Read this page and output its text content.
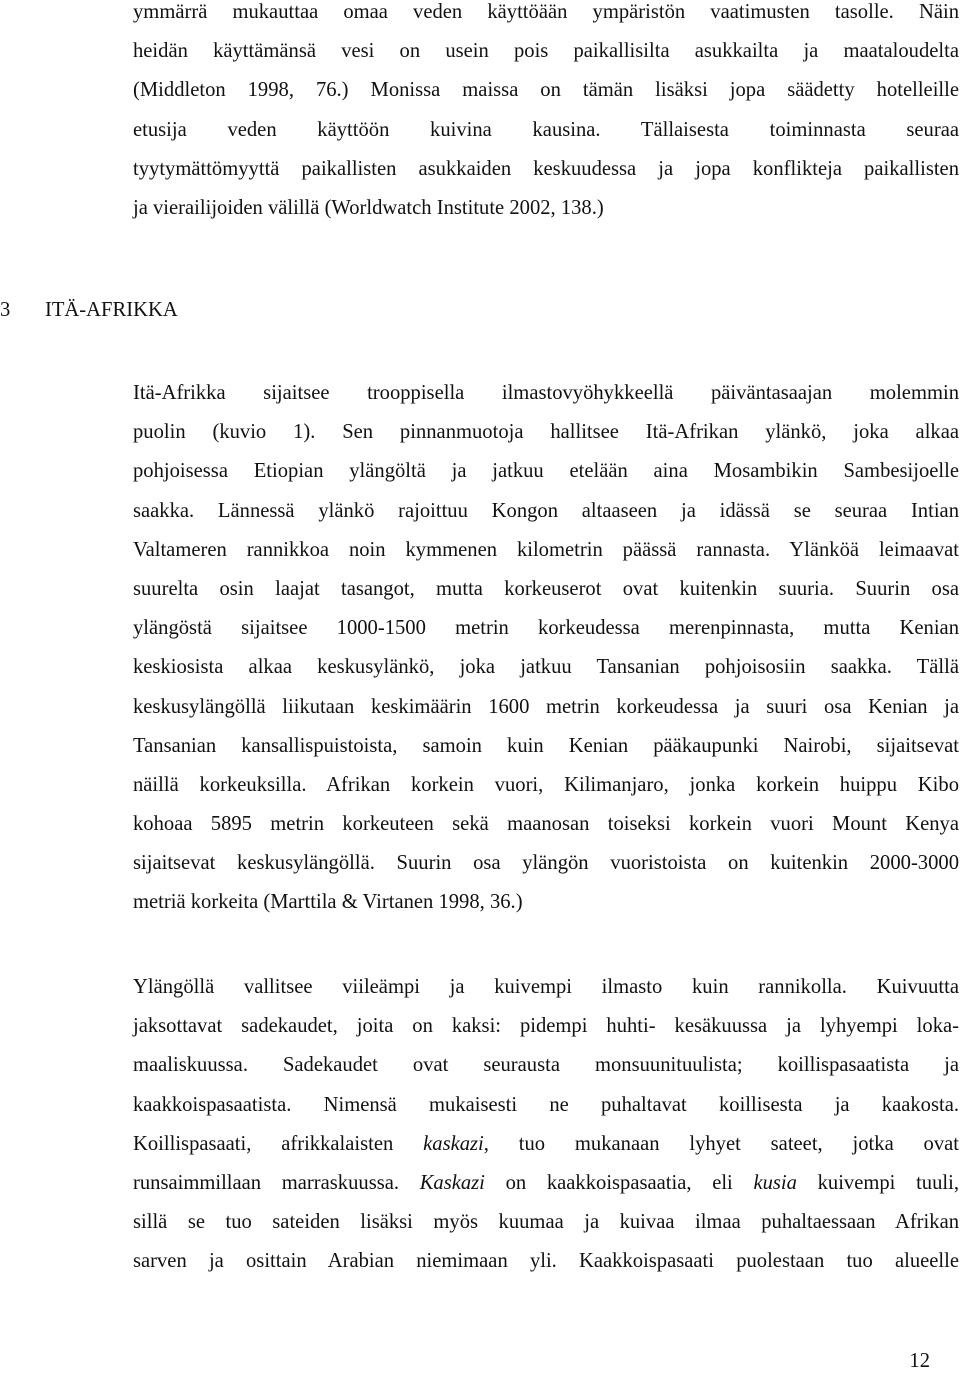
ymmärrä mukauttaa omaa veden käyttöään ympäristön vaatimusten tasolle. Näin
heidän käyttämänsä vesi on usein pois paikallisilta asukkailta ja maataloudelta
(Middleton 1998, 76.) Monissa maissa on tämän lisäksi jopa säädetty hotelleille
etusija veden käyttöön kuivina kausina. Tällaisesta toiminnasta seuraa
tyytymättömyyttä paikallisten asukkaiden keskuudessa ja jopa konflikteja paikallisten
ja vierailijoiden välillä (Worldwatch Institute 2002, 138.)
3 ITÄ-AFRIKKA
Itä-Afrikka sijaitsee trooppisella ilmastovyöhykkeellä päiväntasaajan molemmin
puolin (kuvio 1). Sen pinnanmuotoja hallitsee Itä-Afrikan ylänkö, joka alkaa
pohjoisessa Etiopian ylängöltä ja jatkuu etelään aina Mosambikin Sambesijoelle
saakka. Lännessä ylänkö rajoittuu Kongon altaaseen ja idässä se seuraa Intian
Valtameren rannikkoa noin kymmenen kilometrin päässä rannasta. Ylänköä leimaavat
suurelta osin laajat tasangot, mutta korkeuserot ovat kuitenkin suuria. Suurin osa
ylängöstä sijaitsee 1000-1500 metrin korkeudessa merenpinnasta, mutta Kenian
keskiosista alkaa keskusylänkö, joka jatkuu Tansanian pohjoisosiin saakka. Tällä
keskusylängöllä liikutaan keskimäärin 1600 metrin korkeudessa ja suuri osa Kenian ja
Tansanian kansallispuistoista, samoin kuin Kenian pääkaupunki Nairobi, sijaitsevat
näillä korkeuksilla. Afrikan korkein vuori, Kilimanjaro, jonka korkein huippu Kibo
kohoaa 5895 metrin korkeuteen sekä maanosan toiseksi korkein vuori Mount Kenya
sijaitsevat keskusylängöllä. Suurin osa ylängön vuoristoista on kuitenkin 2000-3000
metriä korkeita (Marttila & Virtanen 1998, 36.)
Ylängöllä vallitsee viileämpi ja kuivempi ilmasto kuin rannikolla. Kuivuutta
jaksottavat sadekaudet, joita on kaksi: pidempi huhti- kesäkuussa ja lyhyempi loka-
maaliskuussa. Sadekaudet ovat seurausta monsuunituulista; koillispasaatista ja
kaakkoispasaatista. Nimensä mukaisesti ne puhaltavat koillisesta ja kaakosta.
Koillispasaati, afrikkalaisten kaskazi, tuo mukanaan lyhyet sateet, jotka ovat
runsaimmillaan marraskuussa. Kaskazi on kaakkoispasaatia, eli kusia kuivempi tuuli,
sillä se tuo sateiden lisäksi myös kuumaa ja kuivaa ilmaa puhaltaessaan Afrikan
sarven ja osittain Arabian niemimaan yli. Kaakkoispasaati puolestaan tuo alueelle
12
